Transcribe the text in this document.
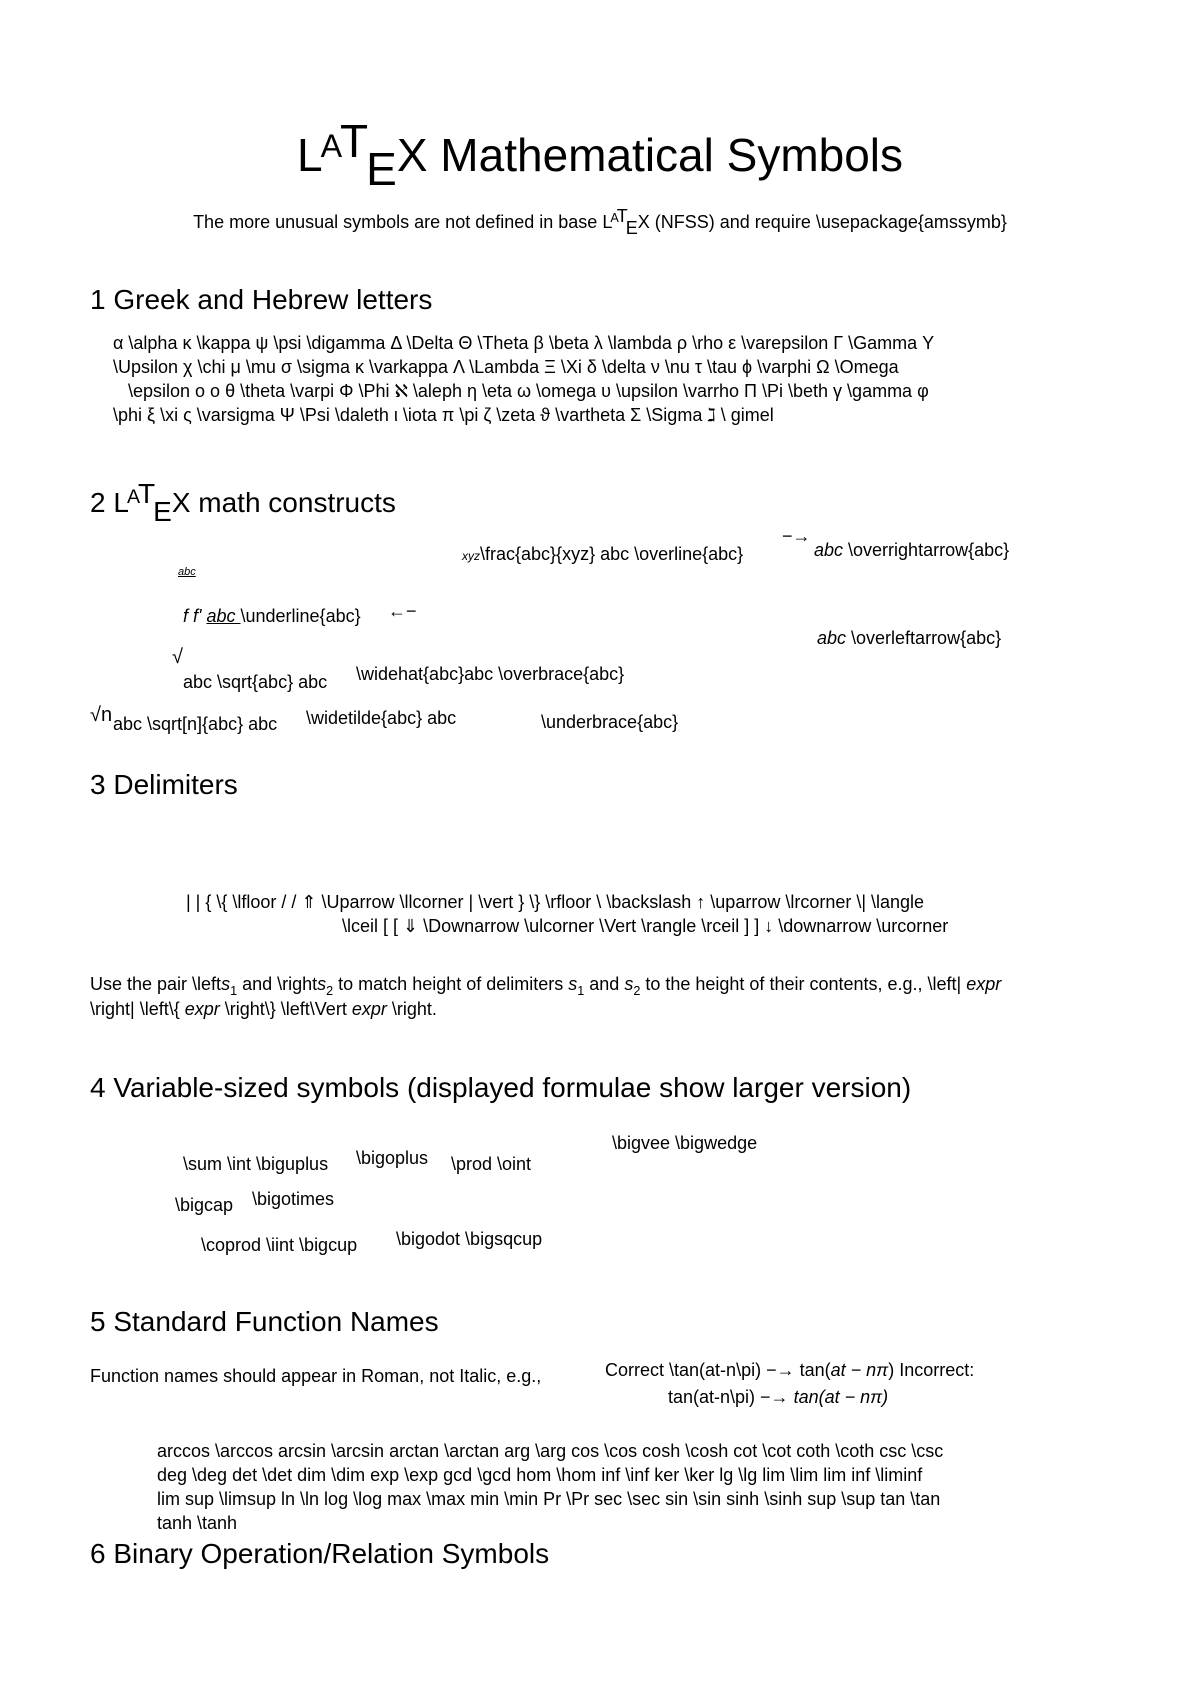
LATEX Mathematical Symbols
The more unusual symbols are not defined in base LATEX (NFSS) and require \usepackage{amssymb}
1 Greek and Hebrew letters
α \alpha κ \kappa ψ \psi \digamma Δ \Delta Θ \Theta β \beta λ \lambda ρ \rho ε \varepsilon Γ \Gamma Υ
\Upsilon χ \chi μ \mu σ \sigma κ \varkappa Λ \Lambda Ξ \Xi δ \delta ν \nu τ \tau ϕ \varphi Ω \Omega
\epsilon o o θ \theta \varpi Φ \Phi ℵ \aleph η \eta ω \omega υ \upsilon \varrho Π \Pi \beth γ \gamma φ
\phi ξ \xi ς \varsigma Ψ \Psi \daleth ι \iota π \pi ζ \zeta ϑ \vartheta Σ \Sigma ℷ \ gimel
2 LATEX math constructs
xyz\frac{abc}{xyz} abc \overline{abc}
−→
abc \overrightarrow{abc}
abc
f f' abc \underline{abc} ←−
abc \overleftarrow{abc}
√
abc \sqrt{abc} abc \widehat{abc}abc \overbrace{abc}
√n abc \sqrt[n]{abc} abc \widetilde{abc} abc	\underbrace{abc}
3 Delimiters
| | { \{ \lfloor / / ⇑ \Uparrow \llcorner | \vert } \} \rfloor \ \backslash ↑ \uparrow \lrcorner \| \langle
\lceil [ [ ⇓ \Downarrow \ulcorner \Vert \rangle \rceil ] ] ↓ \downarrow \urcorner
Use the pair \lefts$_1$ and \rights$_2$ to match height of delimiters $s_1$ and $s_2$ to the height of their contents, e.g., \left| expr
\right| \left\{ expr \right\} \left\Vert expr \right.
4 Variable-sized symbols (displayed formulae show larger version)
\bigvee \bigwedge
\sum \int \biguplus \bigoplus \prod \oint
\bigcap \bigotimes
\coprod \iint \bigcup \bigodot \bigsqcup
5 Standard Function Names
Function names should appear in Roman, not Italic, e.g.,	Correct \tan(at-n\pi) −→ tan(at − nπ) Incorrect:
tan(at-n\pi) −→ tan(at − nπ)
arccos \arccos arcsin \arcsin arctan \arctan arg \arg cos \cos cosh \cosh cot \cot coth \coth csc \csc
deg \deg det \det dim \dim exp \exp gcd \gcd hom \hom inf \inf ker \ker lg \lg lim \lim lim inf \liminf
lim sup \limsup ln \ln log \log max \max min \min Pr \Pr sec \sec sin \sin sinh \sinh sup \sup tan \tan
tanh \tanh
6 Binary Operation/Relation Symbols
